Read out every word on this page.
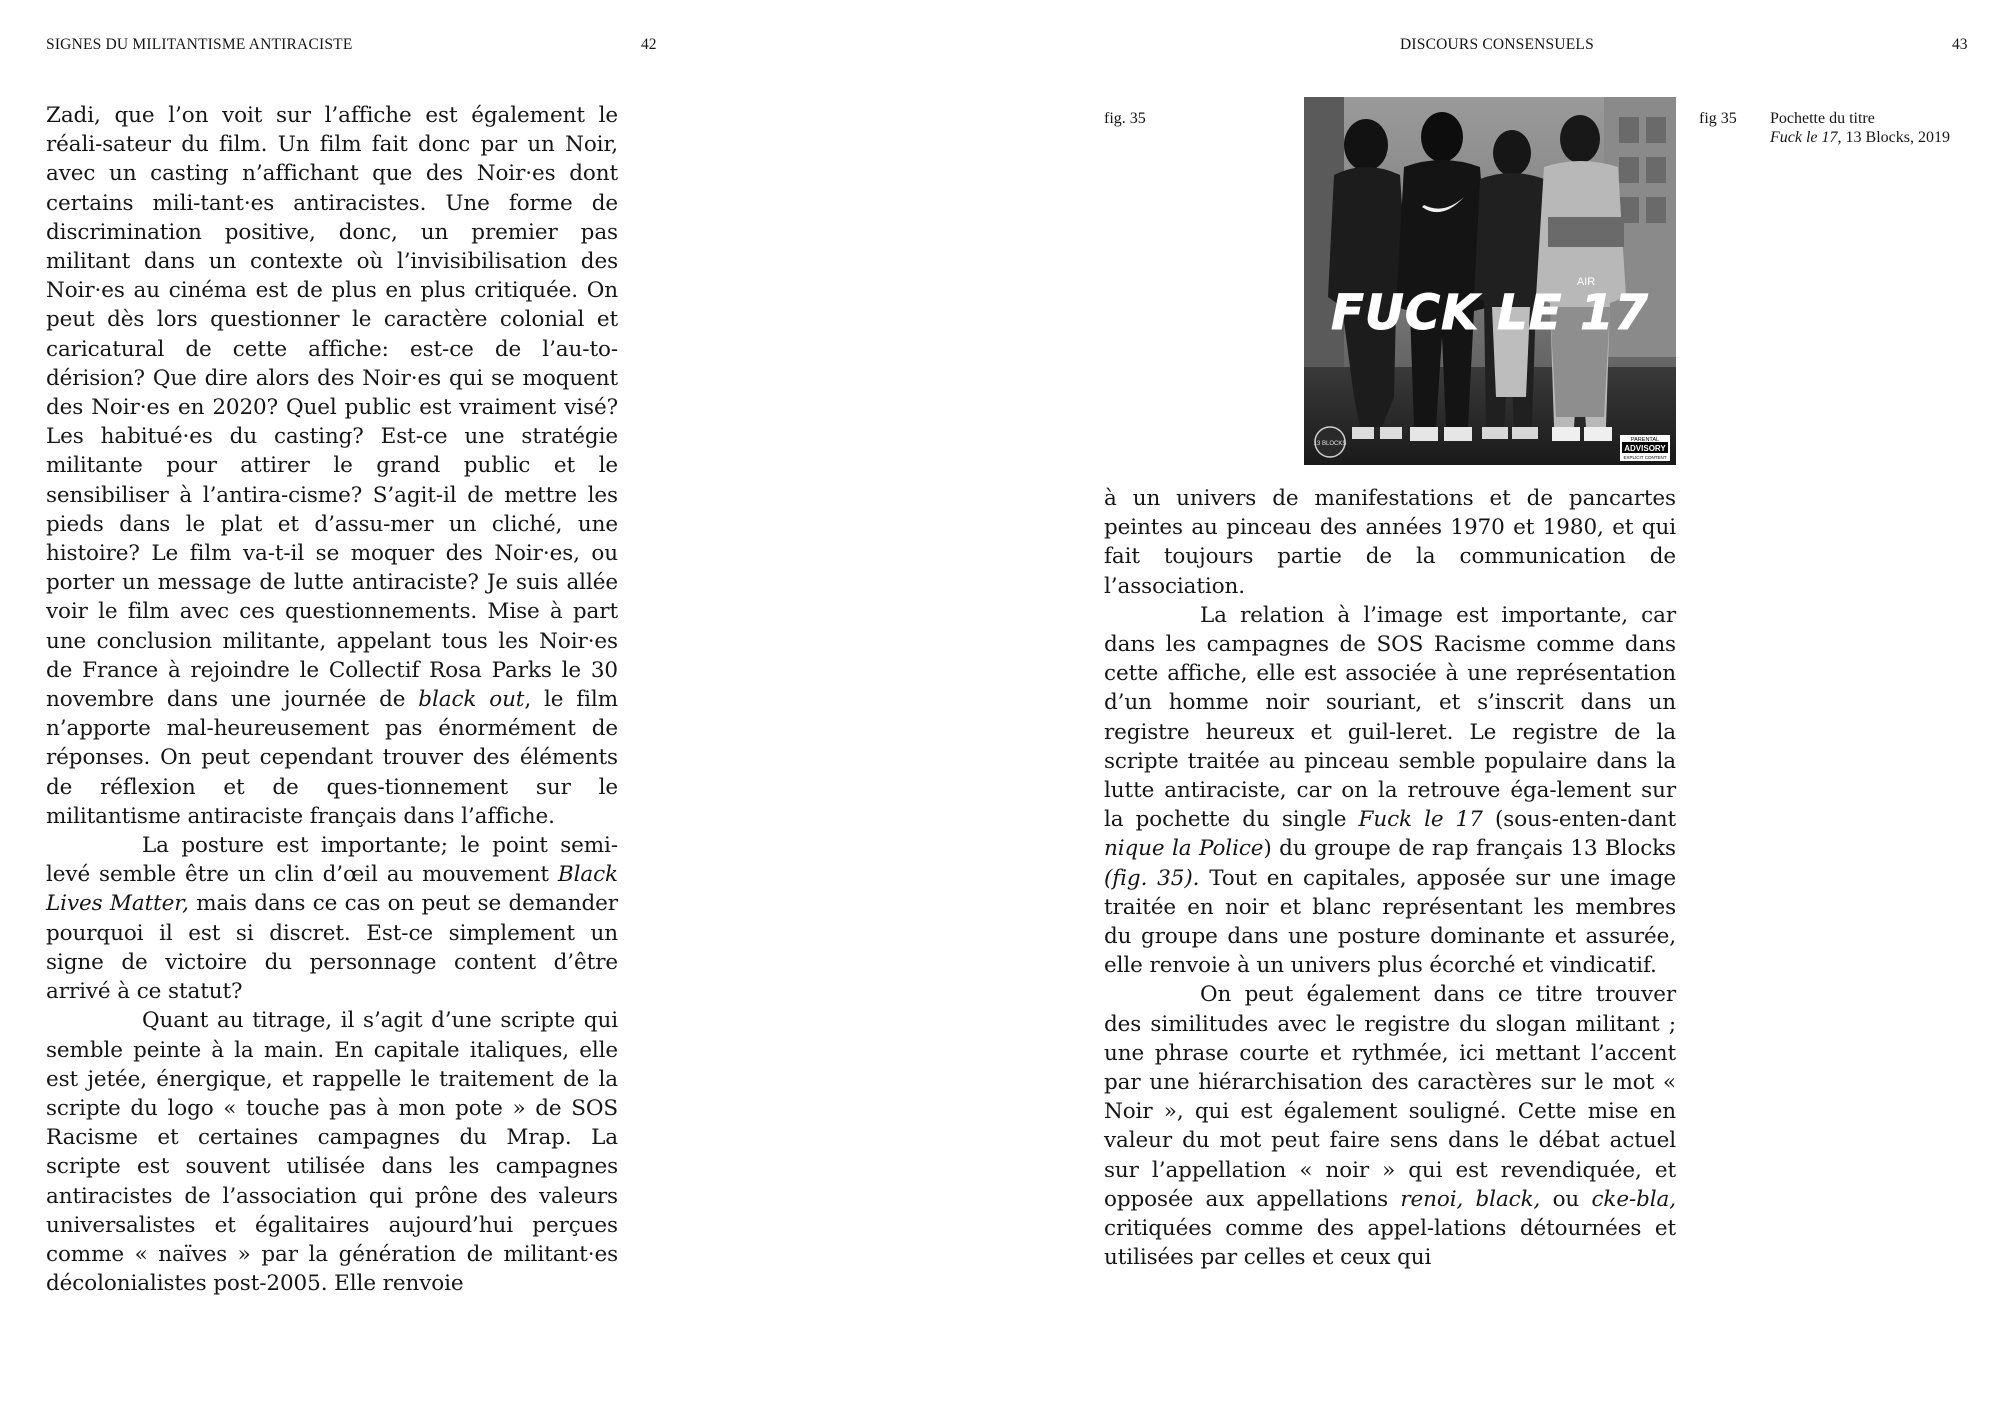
SIGNES DU MILITANTISME ANTIRACISTE	42

Zadi, que l’on voit sur l’affiche est également le réali-sateur du film. Un film fait donc par un Noir, avec un casting n’affichant que des Noir·es dont certains mili-tant·es antiracistes. Une forme de discrimination positive, donc, un premier pas militant dans un contexte où l’invisibilisation des Noir·es au cinéma est de plus en plus critiquée. On peut dès lors questionner le caractère colonial et caricatural de cette affiche: est-ce de l’au-to-dérision? Que dire alors des Noir·es qui se moquent des Noir·es en 2020? Quel public est vraiment visé? Les habitué·es du casting? Est-ce une stratégie militante pour attirer le grand public et le sensibiliser à l’antira-cisme? S’agit-il de mettre les pieds dans le plat et d’assu-mer un cliché, une histoire? Le film va-t-il se moquer des Noir·es, ou porter un message de lutte antiraciste? Je suis allée voir le film avec ces questionnements. Mise à part une conclusion militante, appelant tous les Noir·es de France à rejoindre le Collectif Rosa Parks le 30 novembre dans une journée de black out, le film n’apporte mal-heureusement pas énormément de réponses. On peut cependant trouver des éléments de réflexion et de ques-tionnement sur le militantisme antiraciste français dans l’affiche.

La posture est importante; le point semi-levé semble être un clin d’œil au mouvement Black Lives Matter, mais dans ce cas on peut se demander pourquoi il est si discret. Est-ce simplement un signe de victoire du personnage content d’être arrivé à ce statut?

Quant au titrage, il s’agit d’une scripte qui semble peinte à la main. En capitale italiques, elle est jetée, énergique, et rappelle le traitement de la scripte du logo « touche pas à mon pote » de SOS Racisme et certaines campagnes du Mrap. La scripte est souvent utilisée dans les campagnes antiracistes de l’association qui prône des valeurs universalistes et égalitaires aujourd’hui perçues comme « naïves » par la génération de militant·es décolonialistes post-2005. Elle renvoie

DISCOURS CONSENSUELS	43
fig. 35
AIR
FUCK LE 17
13 BLOCKS
PARENTAL
ADVISORY
EXPLICIT CONTENT
fig 35 Pochette du titre
Fuck le 17, 13 Blocks, 2019

à un univers de manifestations et de pancartes peintes au pinceau des années 1970 et 1980, et qui fait toujours partie de la communication de l’association.

La relation à l’image est importante, car dans les campagnes de SOS Racisme comme dans cette affiche, elle est associée à une représentation d’un homme noir souriant, et s’inscrit dans un registre heureux et guil-leret. Le registre de la scripte traitée au pinceau semble populaire dans la lutte antiraciste, car on la retrouve éga-lement sur la pochette du single Fuck le 17 (sous-enten-dant nique la Police) du groupe de rap français 13 Blocks (fig. 35). Tout en capitales, apposée sur une image traitée en noir et blanc représentant les membres du groupe dans une posture dominante et assurée, elle renvoie à un univers plus écorché et vindicatif.

On peut également dans ce titre trouver des similitudes avec le registre du slogan militant ; une phrase courte et rythmée, ici mettant l’accent par une hiérarchisation des caractères sur le mot « Noir », qui est également souligné. Cette mise en valeur du mot peut faire sens dans le débat actuel sur l’appellation « noir » qui est revendiquée, et opposée aux appellations renoi, black, ou cke-bla, critiquées comme des appel-lations détournées et utilisées par celles et ceux qui
